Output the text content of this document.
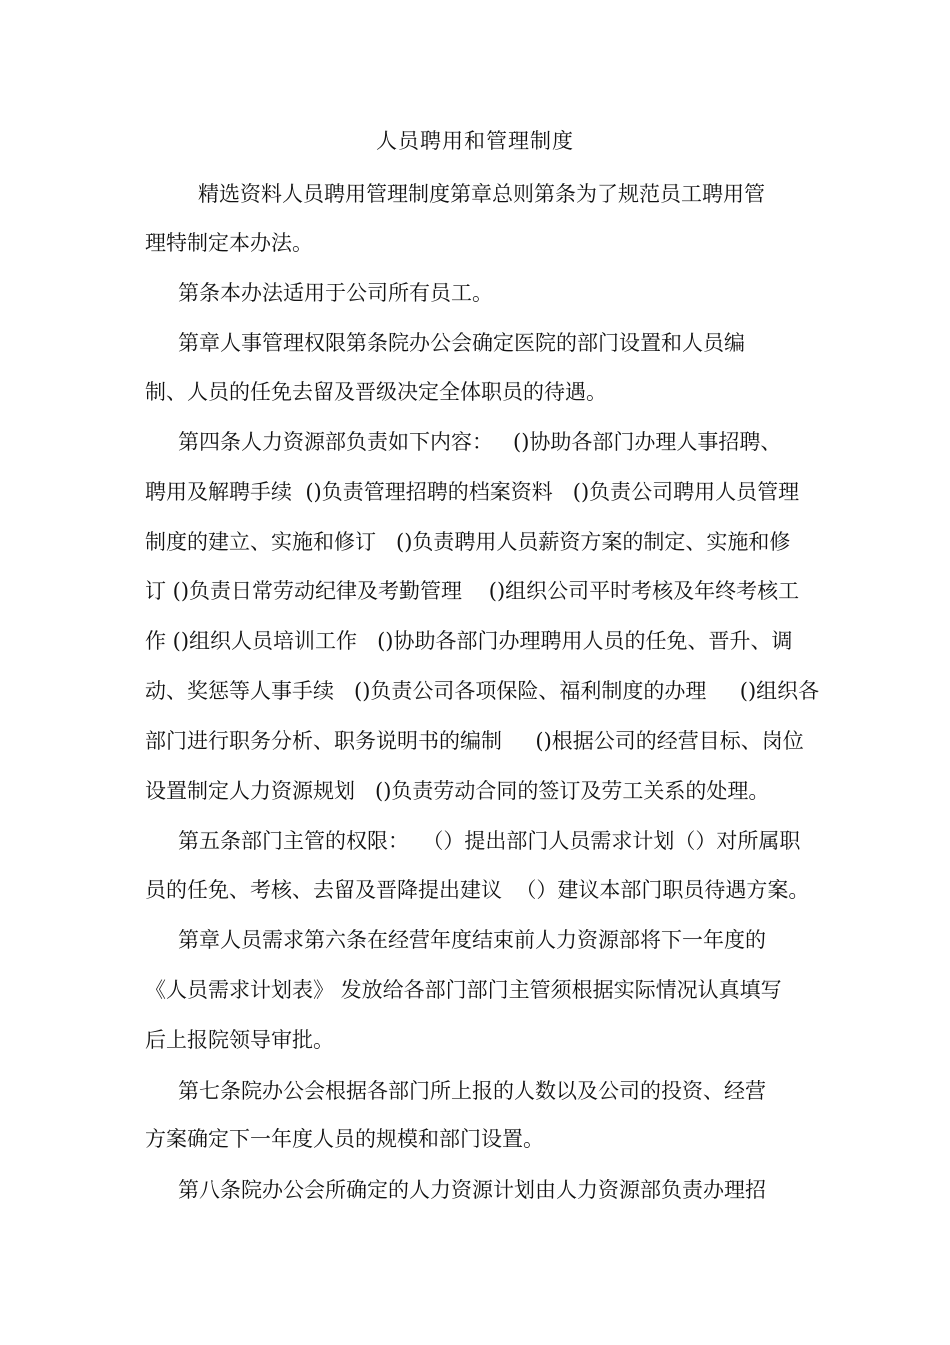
人员聘用和管理制度
精选资料人员聘用管理制度第章总则第条为了规范员工聘用管
理特制定本办法。
第条本办法适用于公司所有员工。
第章人事管理权限第条院办公会确定医院的部门设置和人员编
制、人员的任免去留及晋级决定全体职员的待遇。
第四条人力资源部负责如下内容：   ()协助各部门办理人事招聘、
聘用及解聘手续  ()负责管理招聘的档案资料   ()负责公司聘用人员管理
制度的建立、实施和修订   ()负责聘用人员薪资方案的制定、实施和修
订 ()负责日常劳动纪律及考勤管理    ()组织公司平时考核及年终考核工
作 ()组织人员培训工作   ()协助各部门办理聘用人员的任免、晋升、调
动、奖惩等人事手续   ()负责公司各项保险、福利制度的办理     ()组织各
部门进行职务分析、职务说明书的编制     ()根据公司的经营目标、岗位
设置制定人力资源规划   ()负责劳动合同的签订及劳工关系的处理。
第五条部门主管的权限：  （）提出部门人员需求计划（）对所属职
员的任免、考核、去留及晋降提出建议  （）建议本部门职员待遇方案。
第章人员需求第六条在经营年度结束前人力资源部将下一年度的
《人员需求计划表》 发放给各部门部门主管须根据实际情况认真填写
后上报院领导审批。
第七条院办公会根据各部门所上报的人数以及公司的投资、经营
方案确定下一年度人员的规模和部门设置。
第八条院办公会所确定的人力资源计划由人力资源部负责办理招
